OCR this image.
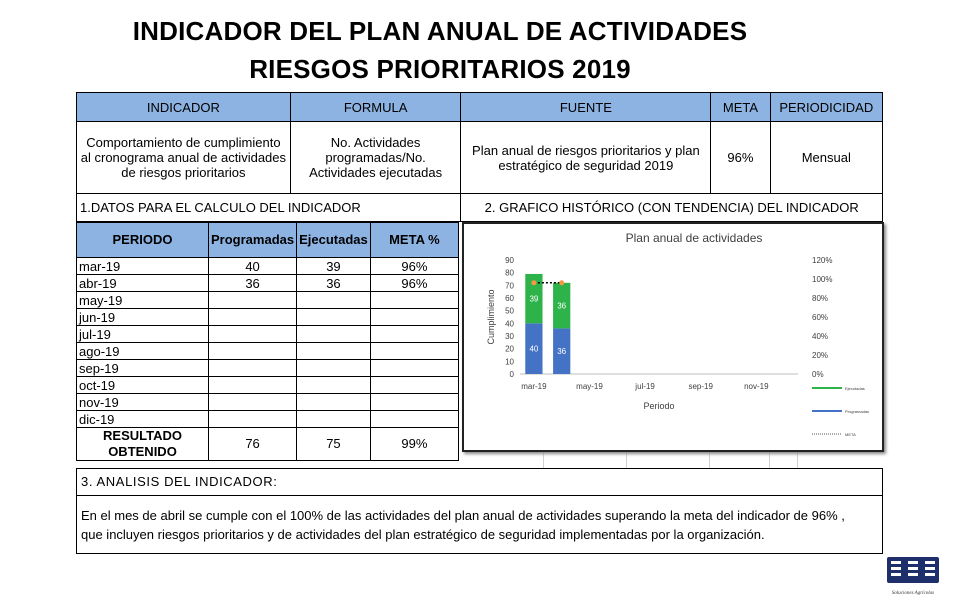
INDICADOR DEL PLAN ANUAL DE ACTIVIDADES
RIESGOS PRIORITARIOS 2019
INDICADOR	FORMULA	FUENTE	META	PERIODICIDAD
Comportamiento de cumplimiento al cronograma anual de actividades de riesgos prioritarios	No. Actividades programadas/No. Actividades ejecutadas	Plan anual de riesgos prioritarios y plan estratégico de seguridad 2019	96%	Mensual
1.DATOS PARA EL CALCULO DEL INDICADOR		2. GRAFICO HISTÓRICO (CON TENDENCIA) DEL INDICADOR		
PERIODO	Programadas	Ejecutadas	META %
mar-19	40	39	96%
abr-19	36	36	96%
may-19			
jun-19			
jul-19			
ago-19			
sep-19			
oct-19			
nov-19			
dic-19			
RESULTADO OBTENIDO	76	75	99%
Plan anual de actividades
0
10
20
30
40
50
60
70
80
90
0%
20%
40%
60%
80%
100%
120%
Cumplimiento
Periodo
mar-19	may-19	jul-19	sep-19	nov-19
40
39
36
36
Ejecutadas
Programadas
META
3. ANALISIS DEL INDICADOR:
En el mes de abril se cumple con el 100% de las actividades del plan anual de actividades superando la meta del indicador de 96% ,
que incluyen riesgos prioritarios y de actividades del plan estratégico de seguridad implementadas por la organización.
Soluciones Agrícolas
